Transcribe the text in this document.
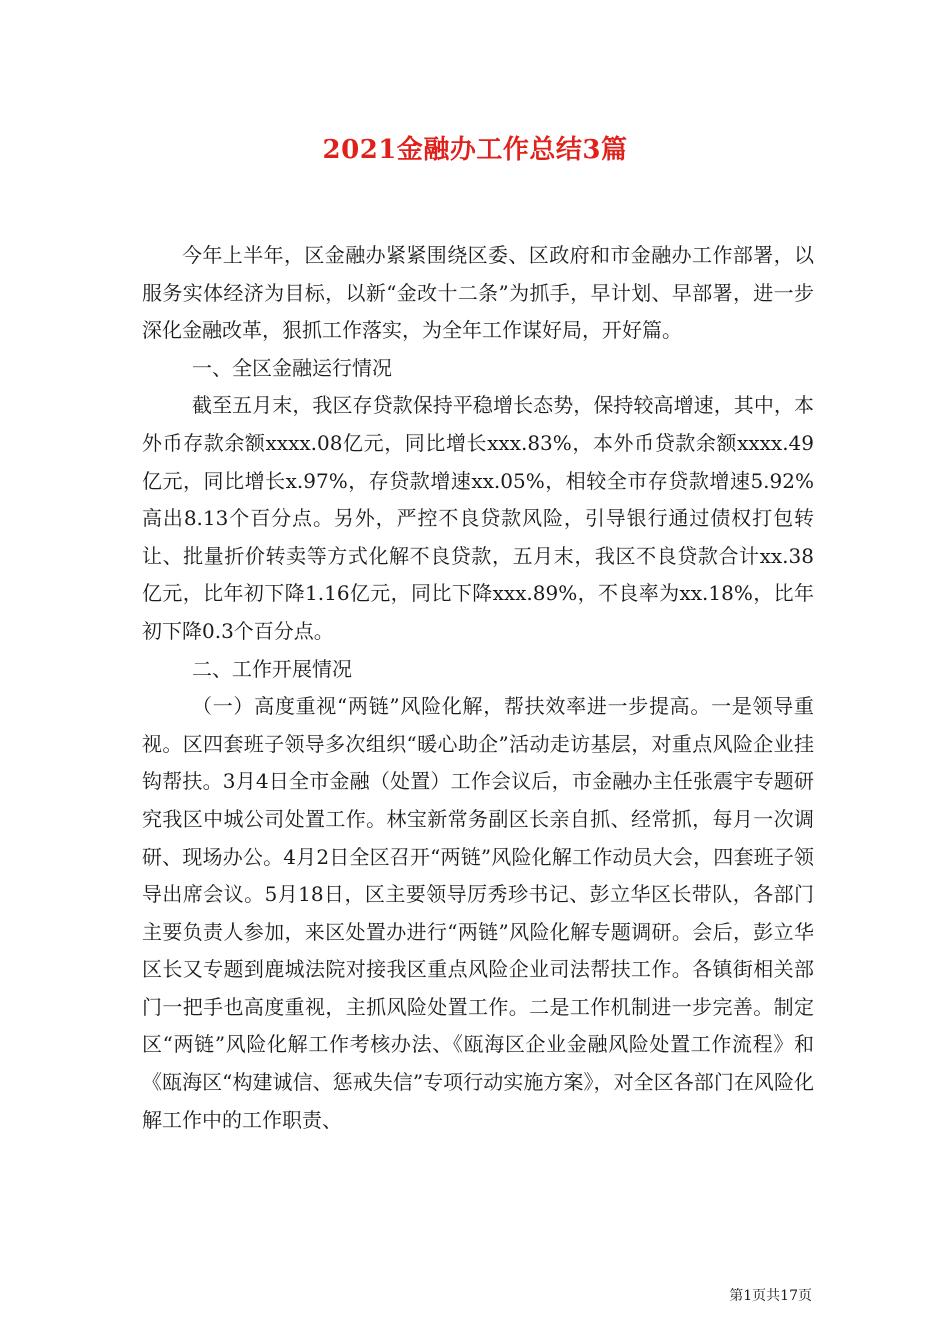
2021金融办工作总结3篇

今年上半年，区金融办紧紧围绕区委、区政府和市金融办工作部署，以服务实体经济为目标，以新“金改十二条”为抓手，早计划、早部署，进一步深化金融改革，狠抓工作落实，为全年工作谋好局，开好篇。

一、全区金融运行情况

截至五月末，我区存贷款保持平稳增长态势，保持较高增速，其中，本外币存款余额xxxx.08亿元，同比增长xxx.83%，本外币贷款余额xxxx.49亿元，同比增长x.97%，存贷款增速xx.05%，相较全市存贷款增速5.92%高出8.13个百分点。另外，严控不良贷款风险，引导银行通过债权打包转让、批量折价转卖等方式化解不良贷款，五月末，我区不良贷款合计xx.38亿元，比年初下降1.16亿元，同比下降xxx.89%，不良率为xx.18%，比年初下降0.3个百分点。

二、工作开展情况

（一）高度重视“两链”风险化解，帮扶效率进一步提高。一是领导重视。区四套班子领导多次组织“暖心助企”活动走访基层，对重点风险企业挂钩帮扶。3月4日全市金融（处置）工作会议后，市金融办主任张震宇专题研究我区中城公司处置工作。林宝新常务副区长亲自抓、经常抓，每月一次调研、现场办公。4月2日全区召开“两链”风险化解工作动员大会，四套班子领导出席会议。5月18日，区主要领导厉秀珍书记、彭立华区长带队，各部门主要负责人参加，来区处置办进行“两链”风险化解专题调研。会后，彭立华区长又专题到鹿城法院对接我区重点风险企业司法帮扶工作。各镇街相关部门一把手也高度重视，主抓风险处置工作。二是工作机制进一步完善。制定区“两链”风险化解工作考核办法、《瓯海区企业金融风险处置工作流程》和《瓯海区“构建诚信、惩戒失信”专项行动实施方案》，对全区各部门在风险化解工作中的工作职责、

第1页共17页
